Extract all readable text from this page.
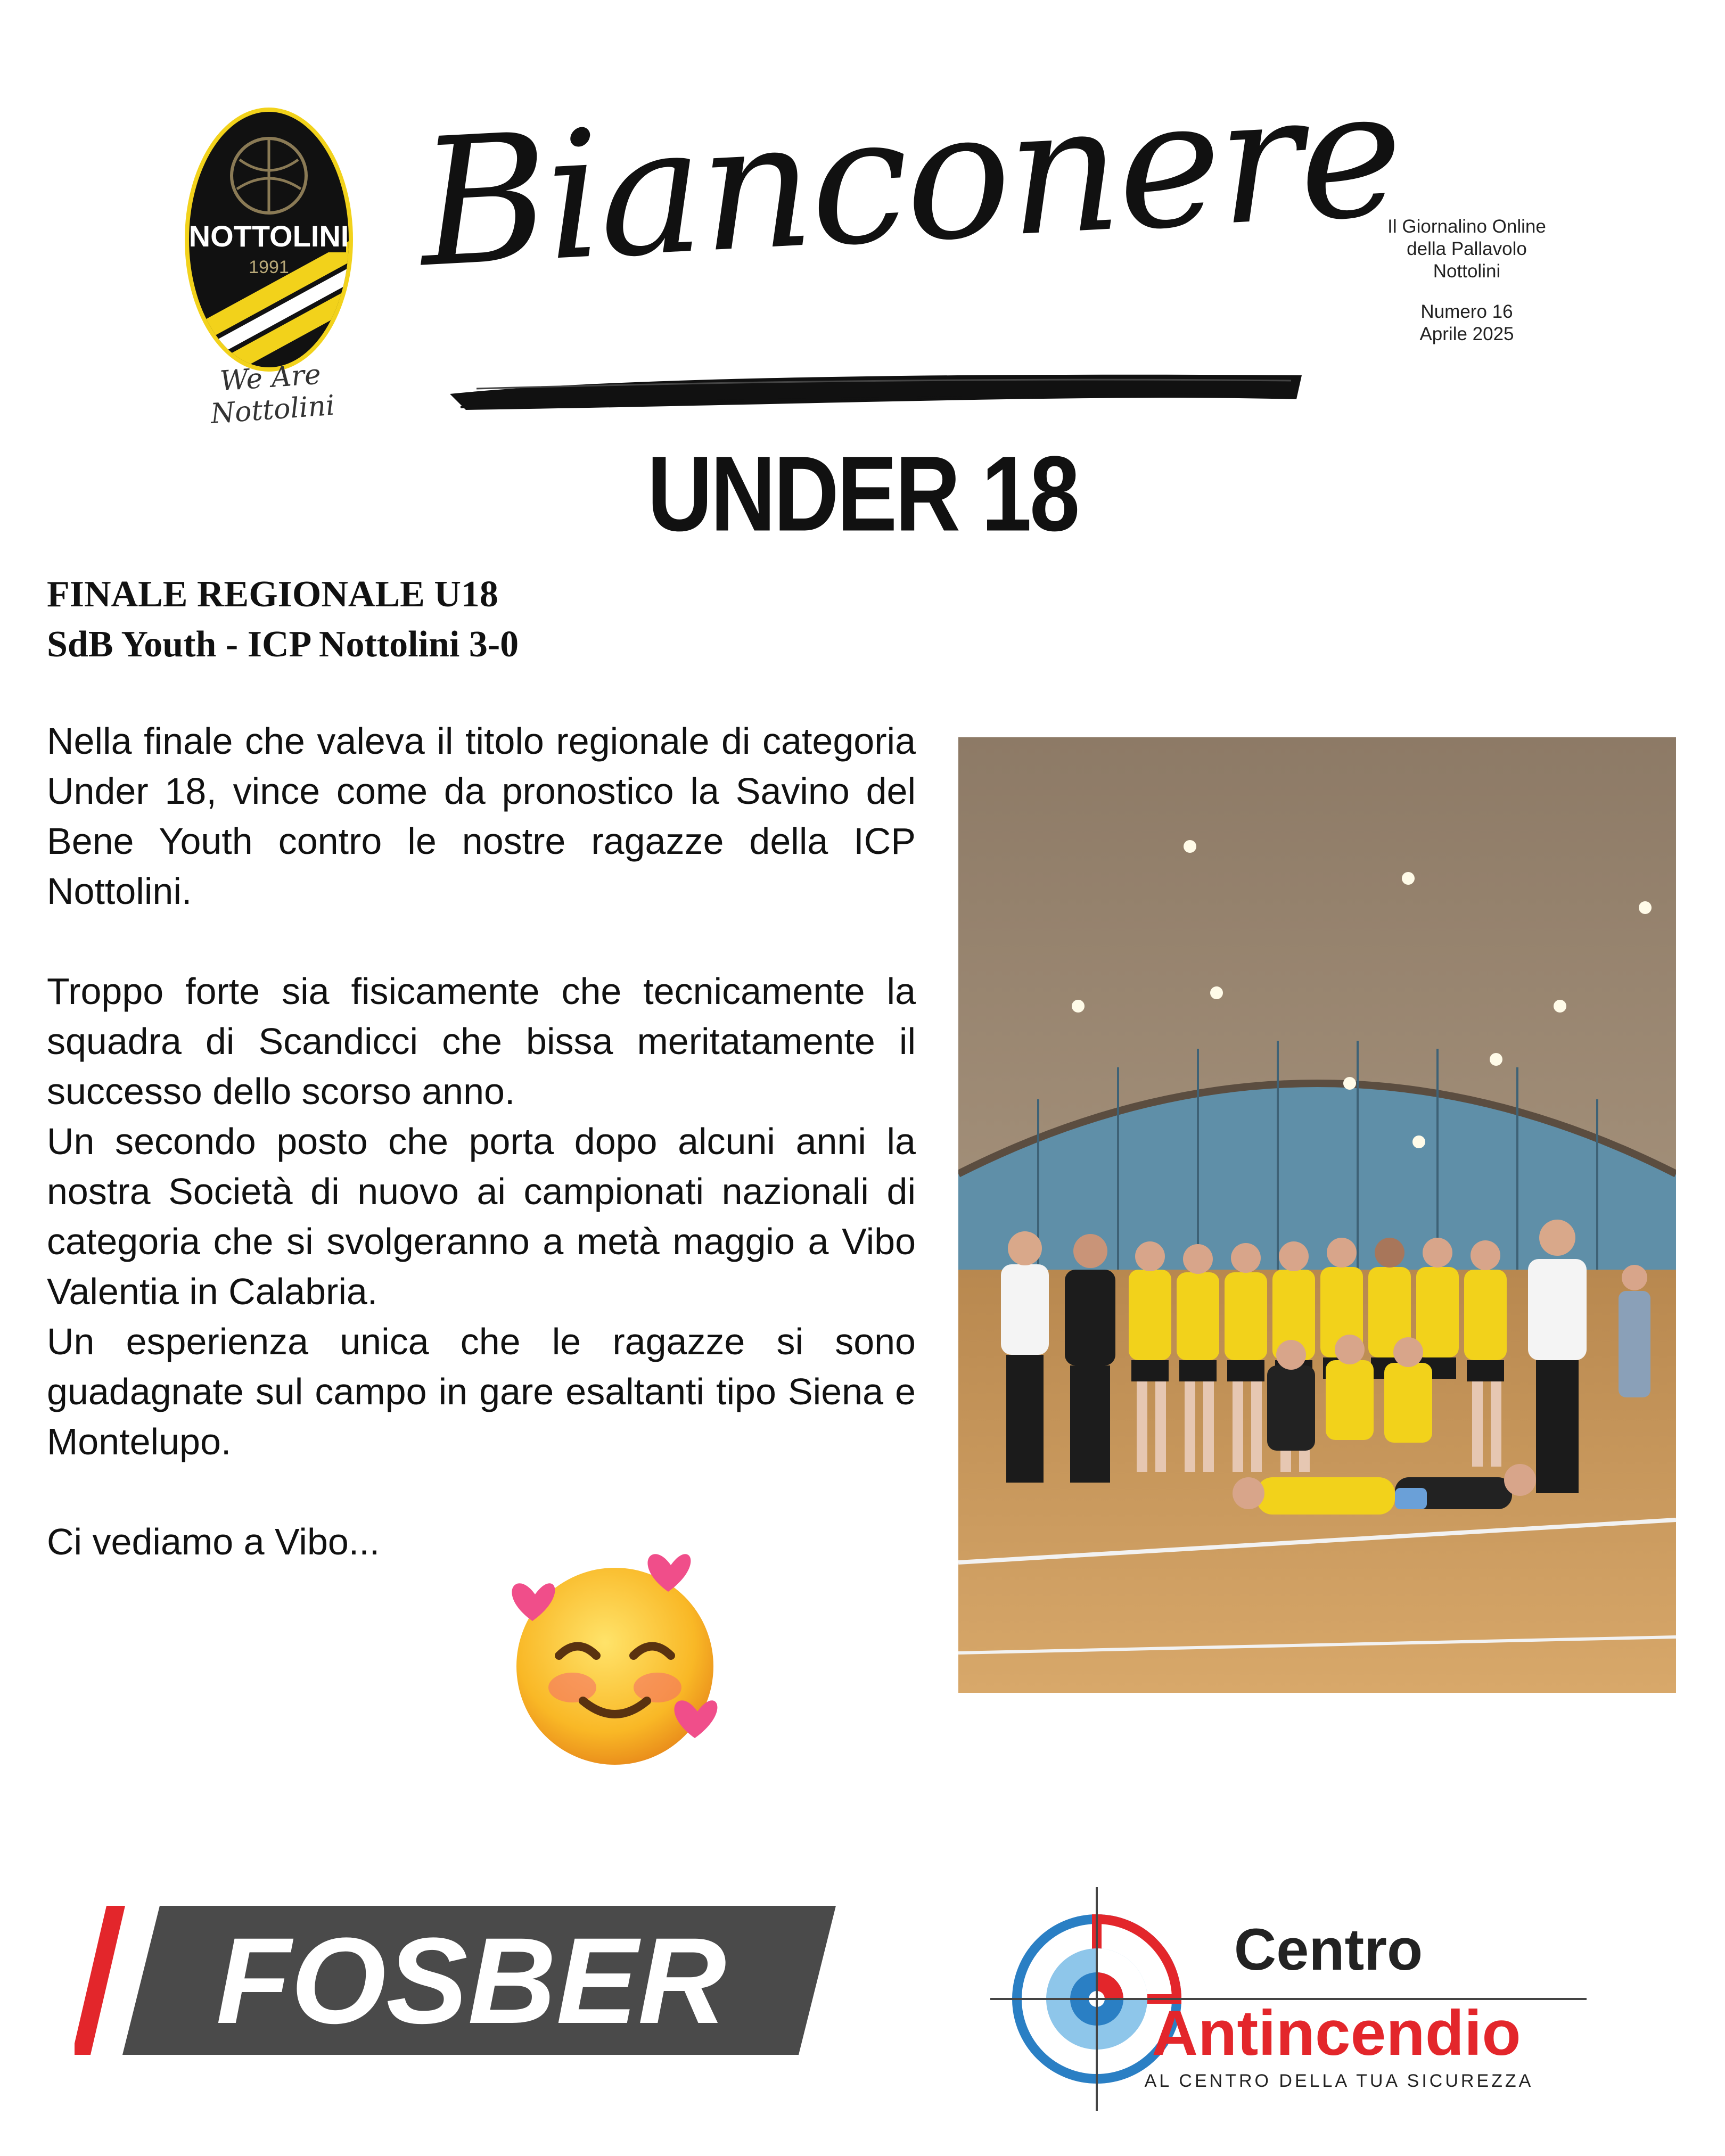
NOTTOLINI
1991
We Are Nottolini
Bianconere
Il Giornalino Online
della Pallavolo
Nottolini
Numero 16
Aprile 2025
UNDER 18
FINALE REGIONALE U18
SdB Youth - ICP Nottolini 3-0

Nella finale che valeva il titolo regionale di categoria Under 18, vince come da pronostico la Savino del Bene Youth contro le nostre ragazze della ICP Nottolini.

Troppo forte sia fisicamente che tecnicamente la squadra di Scandicci che bissa meritatamente il successo dello scorso anno.

Un secondo posto che porta dopo alcuni anni la nostra Società di nuovo ai campionati nazionali di categoria che si svolgeranno a metà maggio a Vibo Valentia in Calabria.

Un esperienza unica che le ragazze si sono guadagnate sul campo in gare esaltanti tipo Siena e Montelupo.

Ci vediamo a Vibo...

FOSBER	Centro
Antincendio
AL CENTRO DELLA TUA SICUREZZA
